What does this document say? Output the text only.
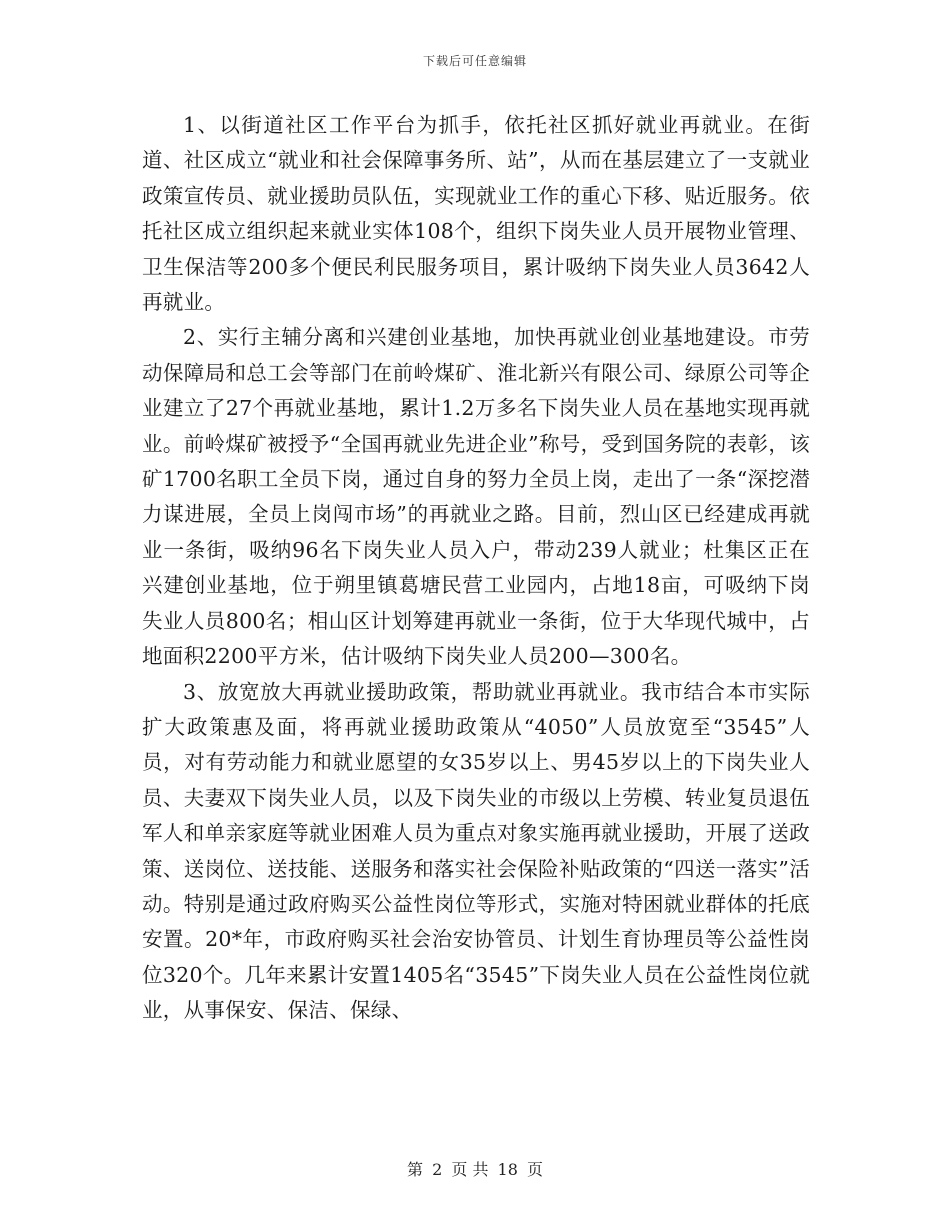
下载后可任意编辑

1、以街道社区工作平台为抓手，依托社区抓好就业再就业。在街道、社区成立“就业和社会保障事务所、站”，从而在基层建立了一支就业政策宣传员、就业援助员队伍，实现就业工作的重心下移、贴近服务。依托社区成立组织起来就业实体108个，组织下岗失业人员开展物业管理、卫生保洁等200多个便民利民服务项目，累计吸纳下岗失业人员3642人再就业。

2、实行主辅分离和兴建创业基地，加快再就业创业基地建设。市劳动保障局和总工会等部门在前岭煤矿、淮北新兴有限公司、绿原公司等企业建立了27个再就业基地，累计1.2万多名下岗失业人员在基地实现再就业。前岭煤矿被授予“全国再就业先进企业”称号，受到国务院的表彰，该矿1700名职工全员下岗，通过自身的努力全员上岗，走出了一条“深挖潜力谋进展，全员上岗闯市场”的再就业之路。目前，烈山区已经建成再就业一条街，吸纳96名下岗失业人员入户，带动239人就业；杜集区正在兴建创业基地，位于朔里镇葛塘民营工业园内，占地18亩，可吸纳下岗失业人员800名；相山区计划筹建再就业一条街，位于大华现代城中，占地面积2200平方米，估计吸纳下岗失业人员200—300名。

3、放宽放大再就业援助政策，帮助就业再就业。我市结合本市实际扩大政策惠及面，将再就业援助政策从“4050”人员放宽至“3545”人员，对有劳动能力和就业愿望的女35岁以上、男45岁以上的下岗失业人员、夫妻双下岗失业人员，以及下岗失业的市级以上劳模、转业复员退伍军人和单亲家庭等就业困难人员为重点对象实施再就业援助，开展了送政策、送岗位、送技能、送服务和落实社会保险补贴政策的“四送一落实”活动。特别是通过政府购买公益性岗位等形式，实施对特困就业群体的托底安置。20*年，市政府购买社会治安协管员、计划生育协理员等公益性岗位320个。几年来累计安置1405名“3545”下岗失业人员在公益性岗位就业，从事保安、保洁、保绿、

第 2 页 共 18 页
